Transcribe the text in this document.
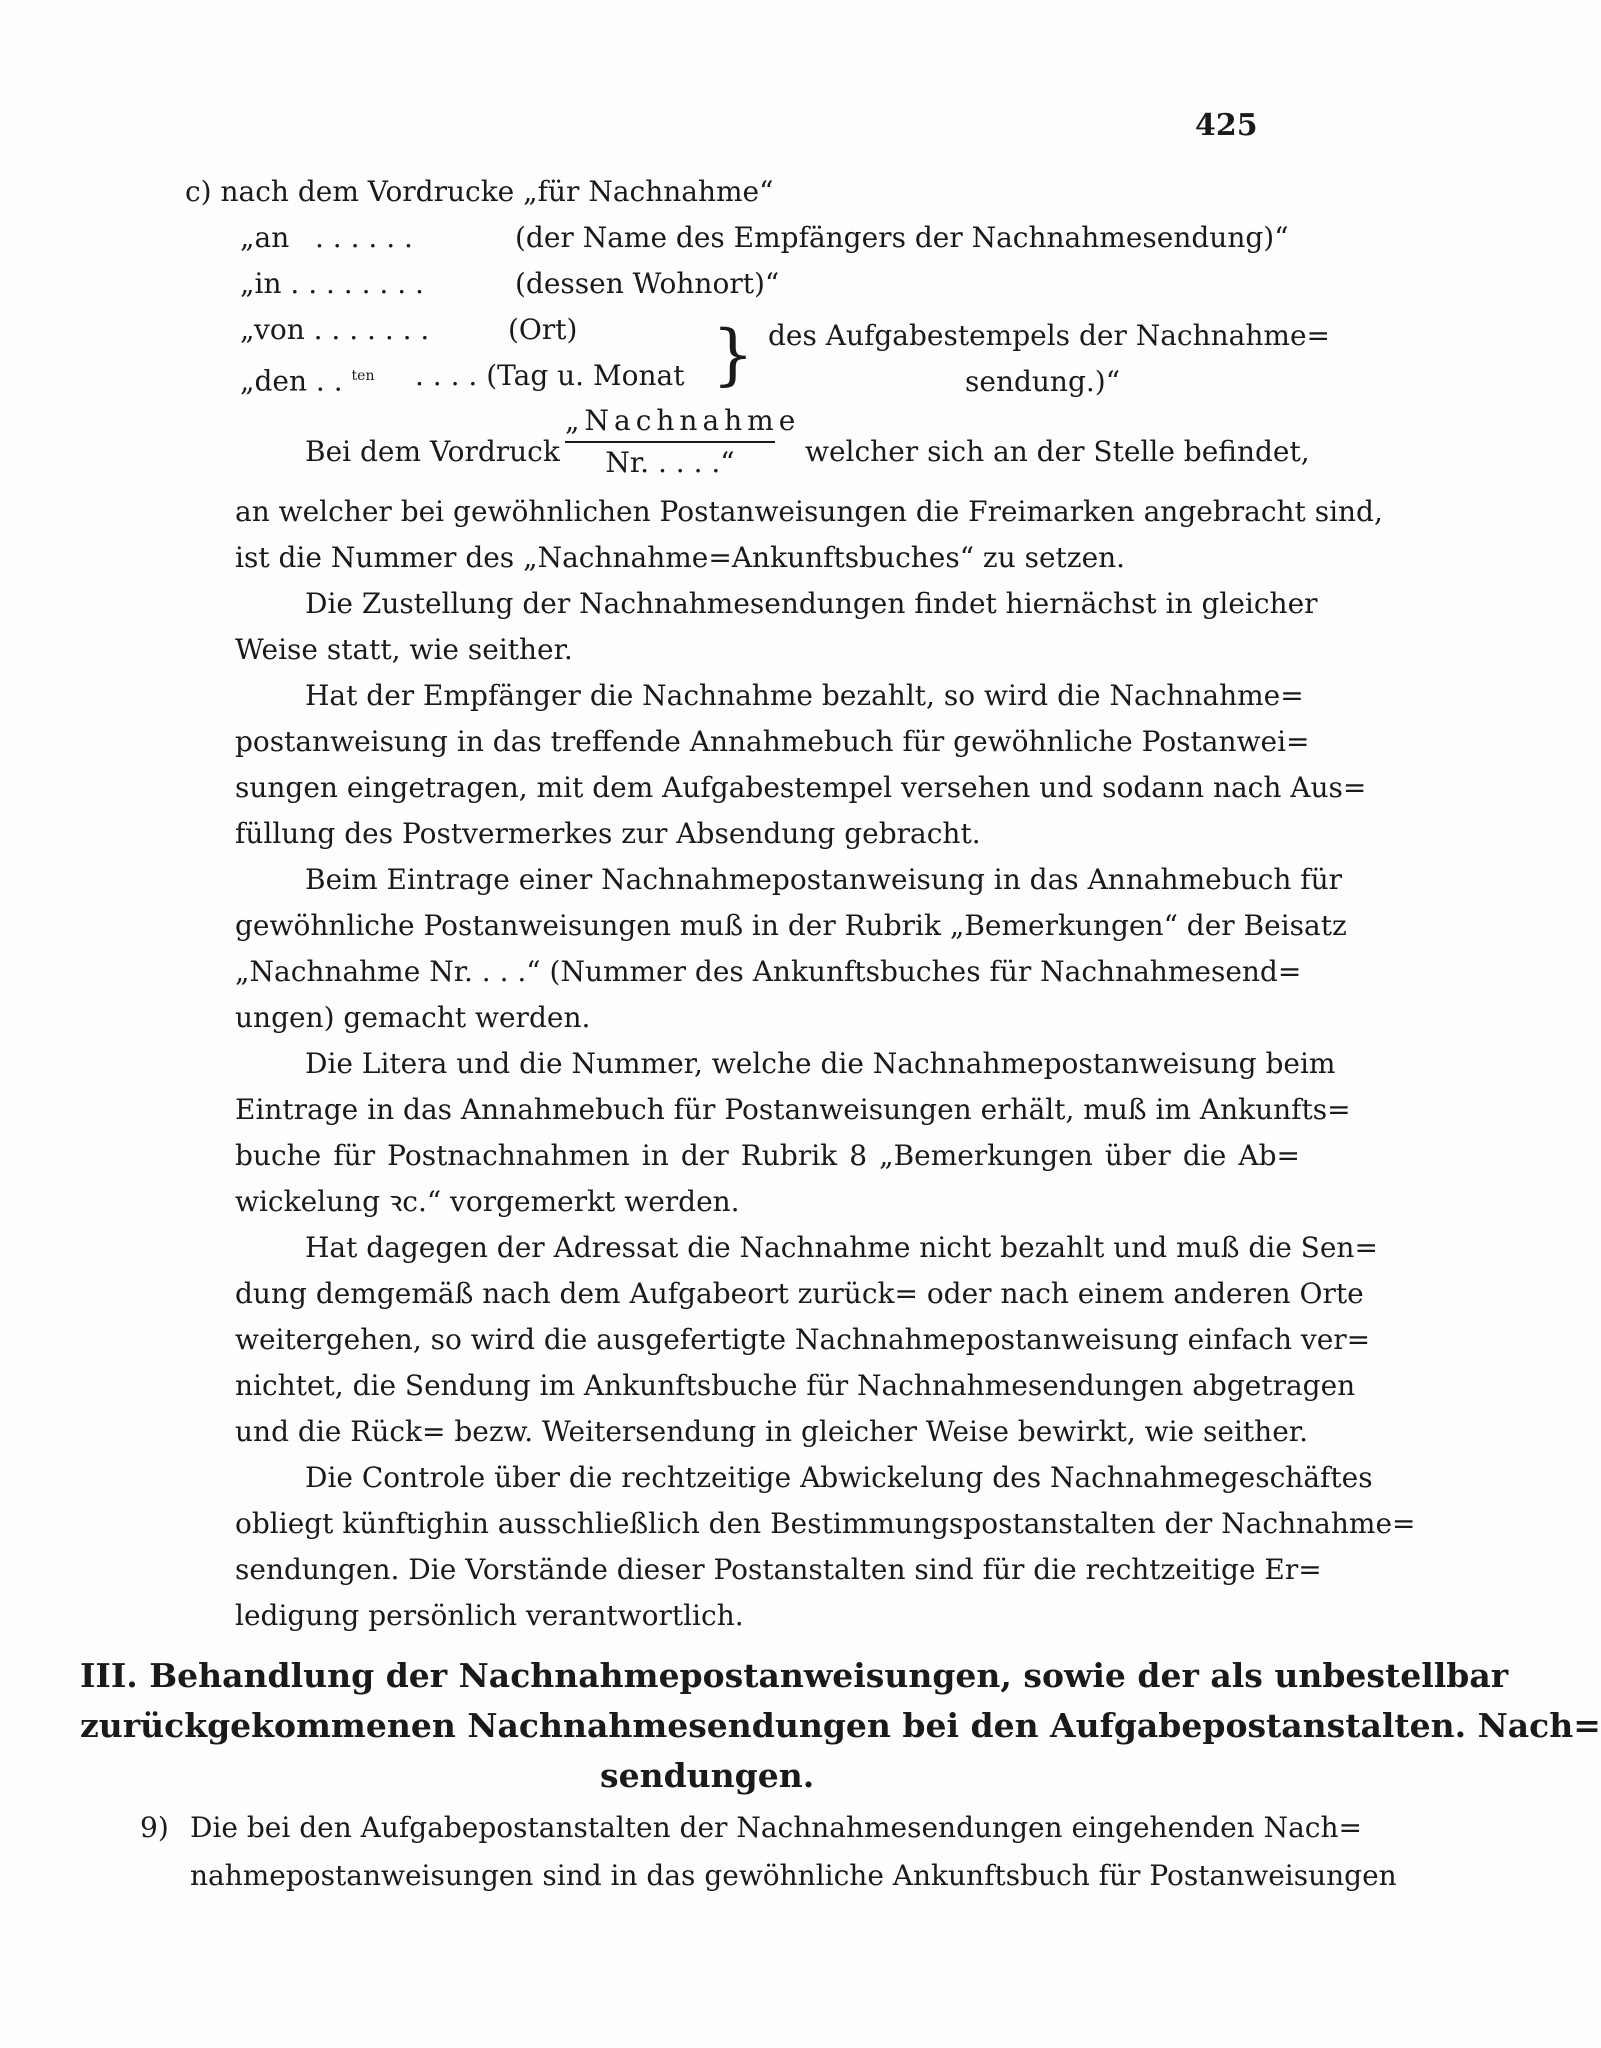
425
c) nach dem Vordrucke „für Nachnahme“
„an . . . . . .	(der Name des Empfängers der Nachnahmesendung)“
„in . . . . . . . .	(dessen Wohnort)“
„von . . . . . . .	(Ort)
„den . . $^{ten}$ . . . . (Tag u. Monat } des Aufgabestempels der Nachnahme=
sendung.)“
Bei dem Vordruck
„Nachnahme
Nr. . . . .“	welcher sich an der Stelle befindet,
an welcher bei gewöhnlichen Postanweisungen die Freimarken angebracht sind,
ist die Nummer des „Nachnahme=Ankunftsbuches“ zu setzen.
Die Zustellung der Nachnahmesendungen findet hiernächst in gleicher
Weise statt, wie seither.
Hat der Empfänger die Nachnahme bezahlt, so wird die Nachnahme=
postanweisung in das treffende Annahmebuch für gewöhnliche Postanwei=
sungen eingetragen, mit dem Aufgabestempel versehen und sodann nach Aus=
füllung des Postvermerkes zur Absendung gebracht.
Beim Eintrage einer Nachnahmepostanweisung in das Annahmebuch für
gewöhnliche Postanweisungen muß in der Rubrik „Bemerkungen“ der Beisatz
„Nachnahme Nr. . . .“ (Nummer des Ankunftsbuches für Nachnahmesend=
ungen) gemacht werden.
Die Litera und die Nummer, welche die Nachnahmepostanweisung beim
Eintrage in das Annahmebuch für Postanweisungen erhält, muß im Ankunfts=
buche für Postnachnahmen in der Rubrik 8 „Bemerkungen über die Ab=
wickelung ꝛc.“ vorgemerkt werden.
Hat dagegen der Adressat die Nachnahme nicht bezahlt und muß die Sen=
dung demgemäß nach dem Aufgabeort zurück= oder nach einem anderen Orte
weitergehen, so wird die ausgefertigte Nachnahmepostanweisung einfach ver=
nichtet, die Sendung im Ankunftsbuche für Nachnahmesendungen abgetragen
und die Rück= bezw. Weitersendung in gleicher Weise bewirkt, wie seither.
Die Controle über die rechtzeitige Abwickelung des Nachnahmegeschäftes
obliegt künftighin ausschließlich den Bestimmungspostanstalten der Nachnahme=
sendungen. Die Vorstände dieser Postanstalten sind für die rechtzeitige Er=
ledigung persönlich verantwortlich.
III. Behandlung der Nachnahmepostanweisungen, sowie der als unbestellbar
zurückgekommenen Nachnahmesendungen bei den Aufgabepostanstalten. Nach=
sendungen.
9) Die bei den Aufgabepostanstalten der Nachnahmesendungen eingehenden Nach=
nahmepostanweisungen sind in das gewöhnliche Ankunftsbuch für Postanweisungen
